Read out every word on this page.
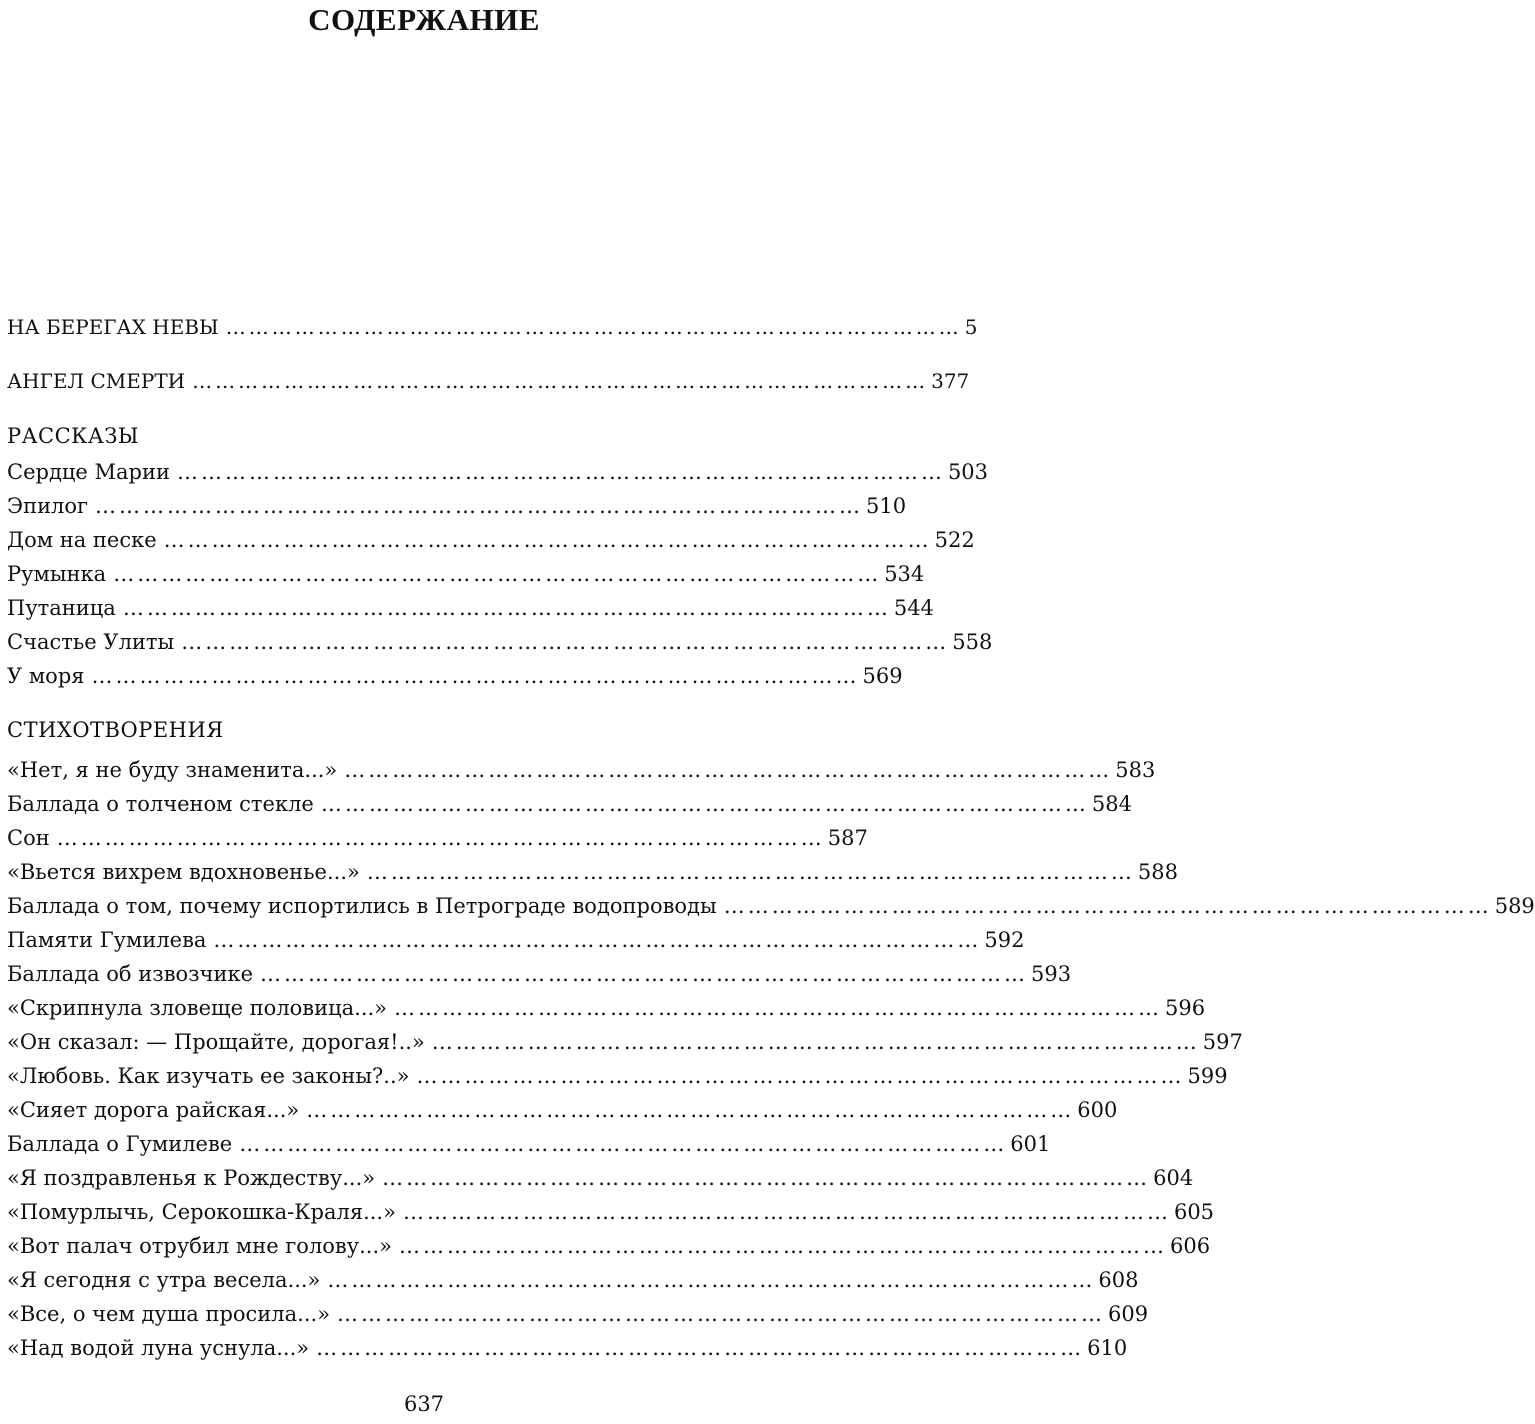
СОДЕРЖАНИЕ
НА БЕРЕГАХ НЕВЫ …………………………………………………………………………………… 5
АНГЕЛ СМЕРТИ …………………………………………………………………………………… 377
РАССКАЗЫ
Сердце Марии …………………………………………………………………………………… 503
Эпилог …………………………………………………………………………………… 510
Дом на песке …………………………………………………………………………………… 522
Румынка …………………………………………………………………………………… 534
Путаница …………………………………………………………………………………… 544
Счастье Улиты …………………………………………………………………………………… 558
У моря …………………………………………………………………………………… 569
СТИХОТВОРЕНИЯ
«Нет, я не буду знаменита...» …………………………………………………………………………………… 583
Баллада о толченом стекле …………………………………………………………………………………… 584
Сон …………………………………………………………………………………… 587
«Вьется вихрем вдохновенье...» …………………………………………………………………………………… 588
Баллада о том, почему испортились в Петрограде водопроводы …………………………………………………………………………………… 589
Памяти Гумилева …………………………………………………………………………………… 592
Баллада об извозчике …………………………………………………………………………………… 593
«Скрипнула зловеще половица...» …………………………………………………………………………………… 596
«Он сказал: — Прощайте, дорогая!..» …………………………………………………………………………………… 597
«Любовь. Как изучать ее законы?..» …………………………………………………………………………………… 599
«Сияет дорога райская...» …………………………………………………………………………………… 600
Баллада о Гумилеве …………………………………………………………………………………… 601
«Я поздравленья к Рождеству...» …………………………………………………………………………………… 604
«Помурлычь, Серокошка-Краля...» …………………………………………………………………………………… 605
«Вот палач отрубил мне голову...» …………………………………………………………………………………… 606
«Я сегодня с утра весела...» …………………………………………………………………………………… 608
«Все, о чем душа просила...» …………………………………………………………………………………… 609
«Над водой луна уснула...» …………………………………………………………………………………… 610
637
